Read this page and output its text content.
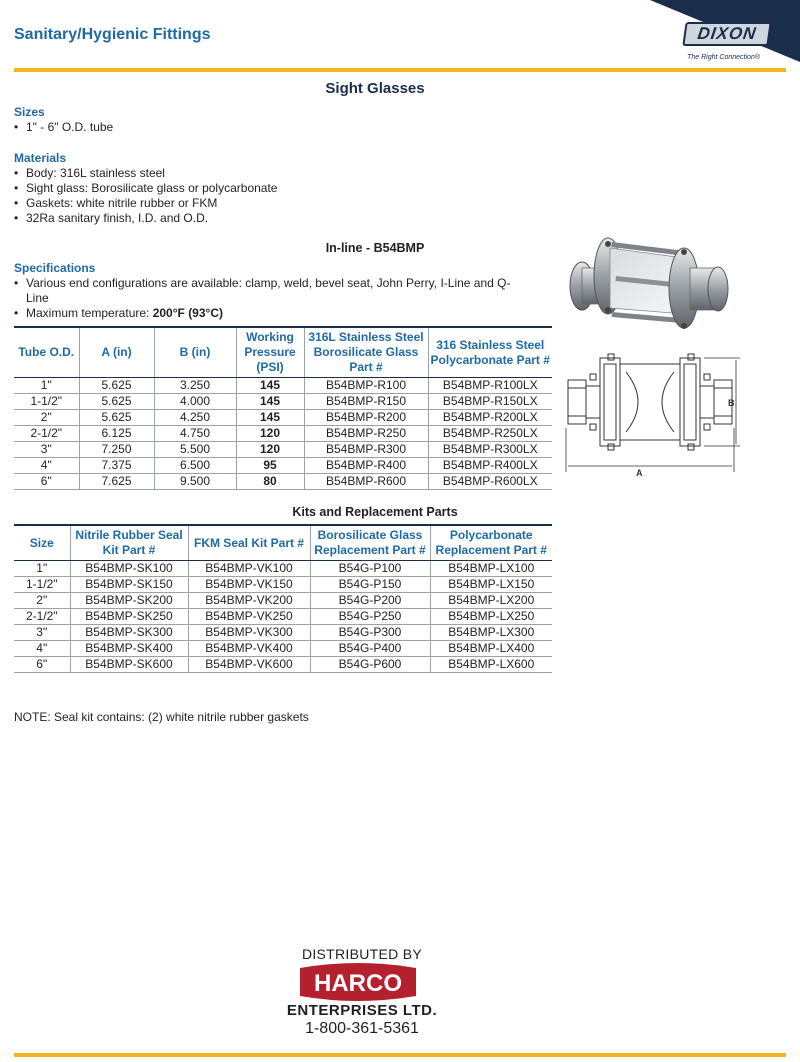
Sanitary/Hygienic Fittings	DIXON
The Right Connection®
Sight Glasses
Sizes
• 1" - 6" O.D. tube
Materials
• Body: 316L stainless steel
• Sight glass: Borosilicate glass or polycarbonate
• Gaskets: white nitrile rubber or FKM
• 32Ra sanitary finish, I.D. and O.D.
In-line - B54BMP
Specifications
• Various end configurations are available: clamp, weld, bevel seat, John Perry, I-Line and Q-Line
• Maximum temperature: 200°F (93°C)

Tube O.D.	A (in)	B (in)	Working Pressure (PSI)	316L Stainless Steel Borosilicate Glass Part #	316 Stainless Steel Polycarbonate Part #
1"	5.625	3.250	145	B54BMP-R100	B54BMP-R100LX
1-1/2"	5.625	4.000	145	B54BMP-R150	B54BMP-R150LX
2"	5.625	4.250	145	B54BMP-R200	B54BMP-R200LX
2-1/2"	6.125	4.750	120	B54BMP-R250	B54BMP-R250LX
3"	7.250	5.500	120	B54BMP-R300	B54BMP-R300LX
4"	7.375	6.500	95	B54BMP-R400	B54BMP-R400LX
6"	7.625	9.500	80	B54BMP-R600	B54BMP-R600LX
A
B
Kits and Replacement Parts

Size	Nitrile Rubber Seal Kit Part #	FKM Seal Kit Part #	Borosilicate Glass Replacement Part #	Polycarbonate Replacement Part #
1"	B54BMP-SK100	B54BMP-VK100	B54G-P100	B54BMP-LX100
1-1/2"	B54BMP-SK150	B54BMP-VK150	B54G-P150	B54BMP-LX150
2"	B54BMP-SK200	B54BMP-VK200	B54G-P200	B54BMP-LX200
2-1/2"	B54BMP-SK250	B54BMP-VK250	B54G-P250	B54BMP-LX250
3"	B54BMP-SK300	B54BMP-VK300	B54G-P300	B54BMP-LX300
4"	B54BMP-SK400	B54BMP-VK400	B54G-P400	B54BMP-LX400
6"	B54BMP-SK600	B54BMP-VK600	B54G-P600	B54BMP-LX600
NOTE: Seal kit contains: (2) white nitrile rubber gaskets
DISTRIBUTED BY
HARCO
ENTERPRISES LTD.
1-800-361-5361
